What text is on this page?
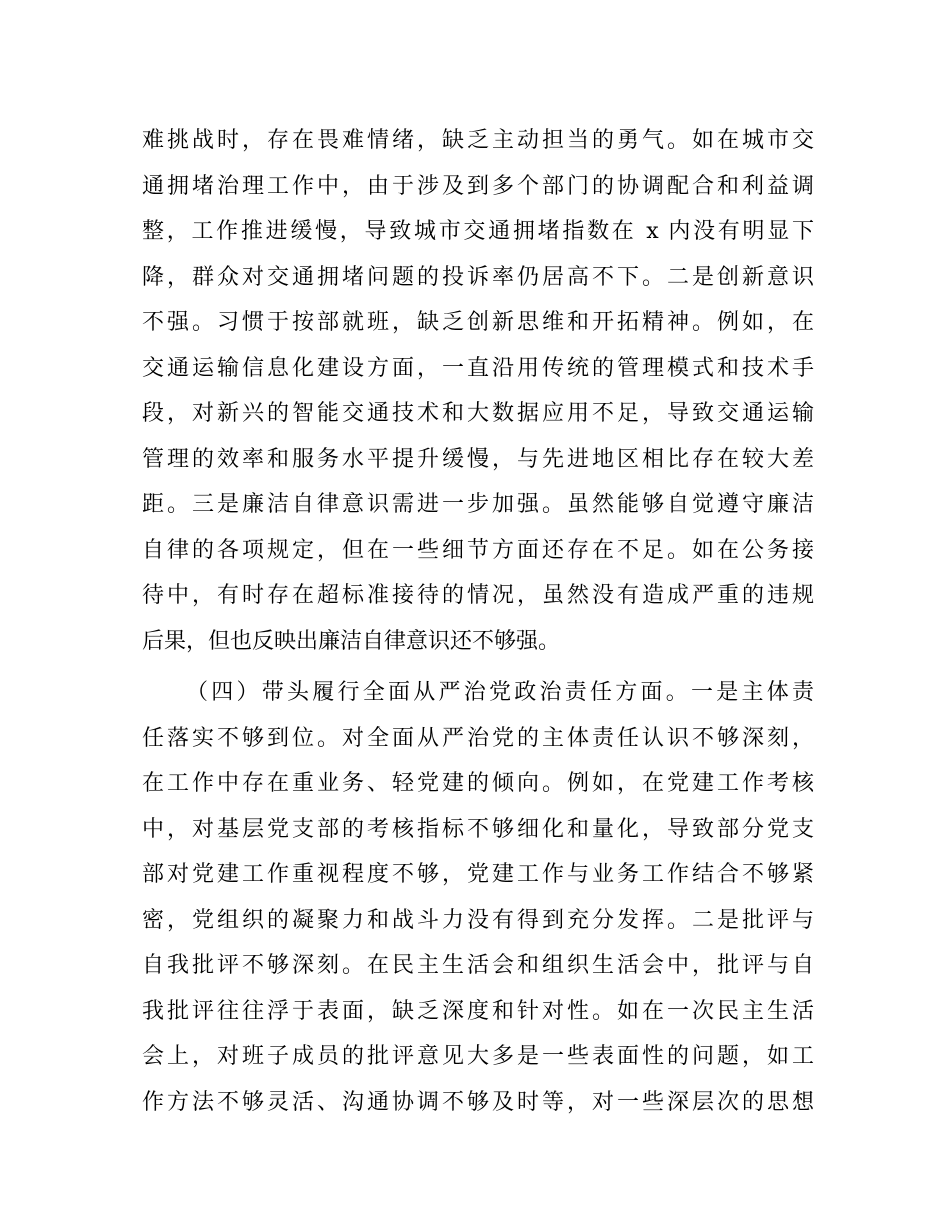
难挑战时，存在畏难情绪，缺乏主动担当的勇气。如在城市交
通拥堵治理工作中，由于涉及到多个部门的协调配合和利益调
整，工作推进缓慢，导致城市交通拥堵指数在 x 内没有明显下
降，群众对交通拥堵问题的投诉率仍居高不下。二是创新意识
不强。习惯于按部就班，缺乏创新思维和开拓精神。例如，在
交通运输信息化建设方面，一直沿用传统的管理模式和技术手
段，对新兴的智能交通技术和大数据应用不足，导致交通运输
管理的效率和服务水平提升缓慢，与先进地区相比存在较大差
距。三是廉洁自律意识需进一步加强。虽然能够自觉遵守廉洁
自律的各项规定，但在一些细节方面还存在不足。如在公务接
待中，有时存在超标准接待的情况，虽然没有造成严重的违规
后果，但也反映出廉洁自律意识还不够强。
（四）带头履行全面从严治党政治责任方面。一是主体责
任落实不够到位。对全面从严治党的主体责任认识不够深刻，
在工作中存在重业务、轻党建的倾向。例如，在党建工作考核
中，对基层党支部的考核指标不够细化和量化，导致部分党支
部对党建工作重视程度不够，党建工作与业务工作结合不够紧
密，党组织的凝聚力和战斗力没有得到充分发挥。二是批评与
自我批评不够深刻。在民主生活会和组织生活会中，批评与自
我批评往往浮于表面，缺乏深度和针对性。如在一次民主生活
会上，对班子成员的批评意见大多是一些表面性的问题，如工
作方法不够灵活、沟通协调不够及时等，对一些深层次的思想
